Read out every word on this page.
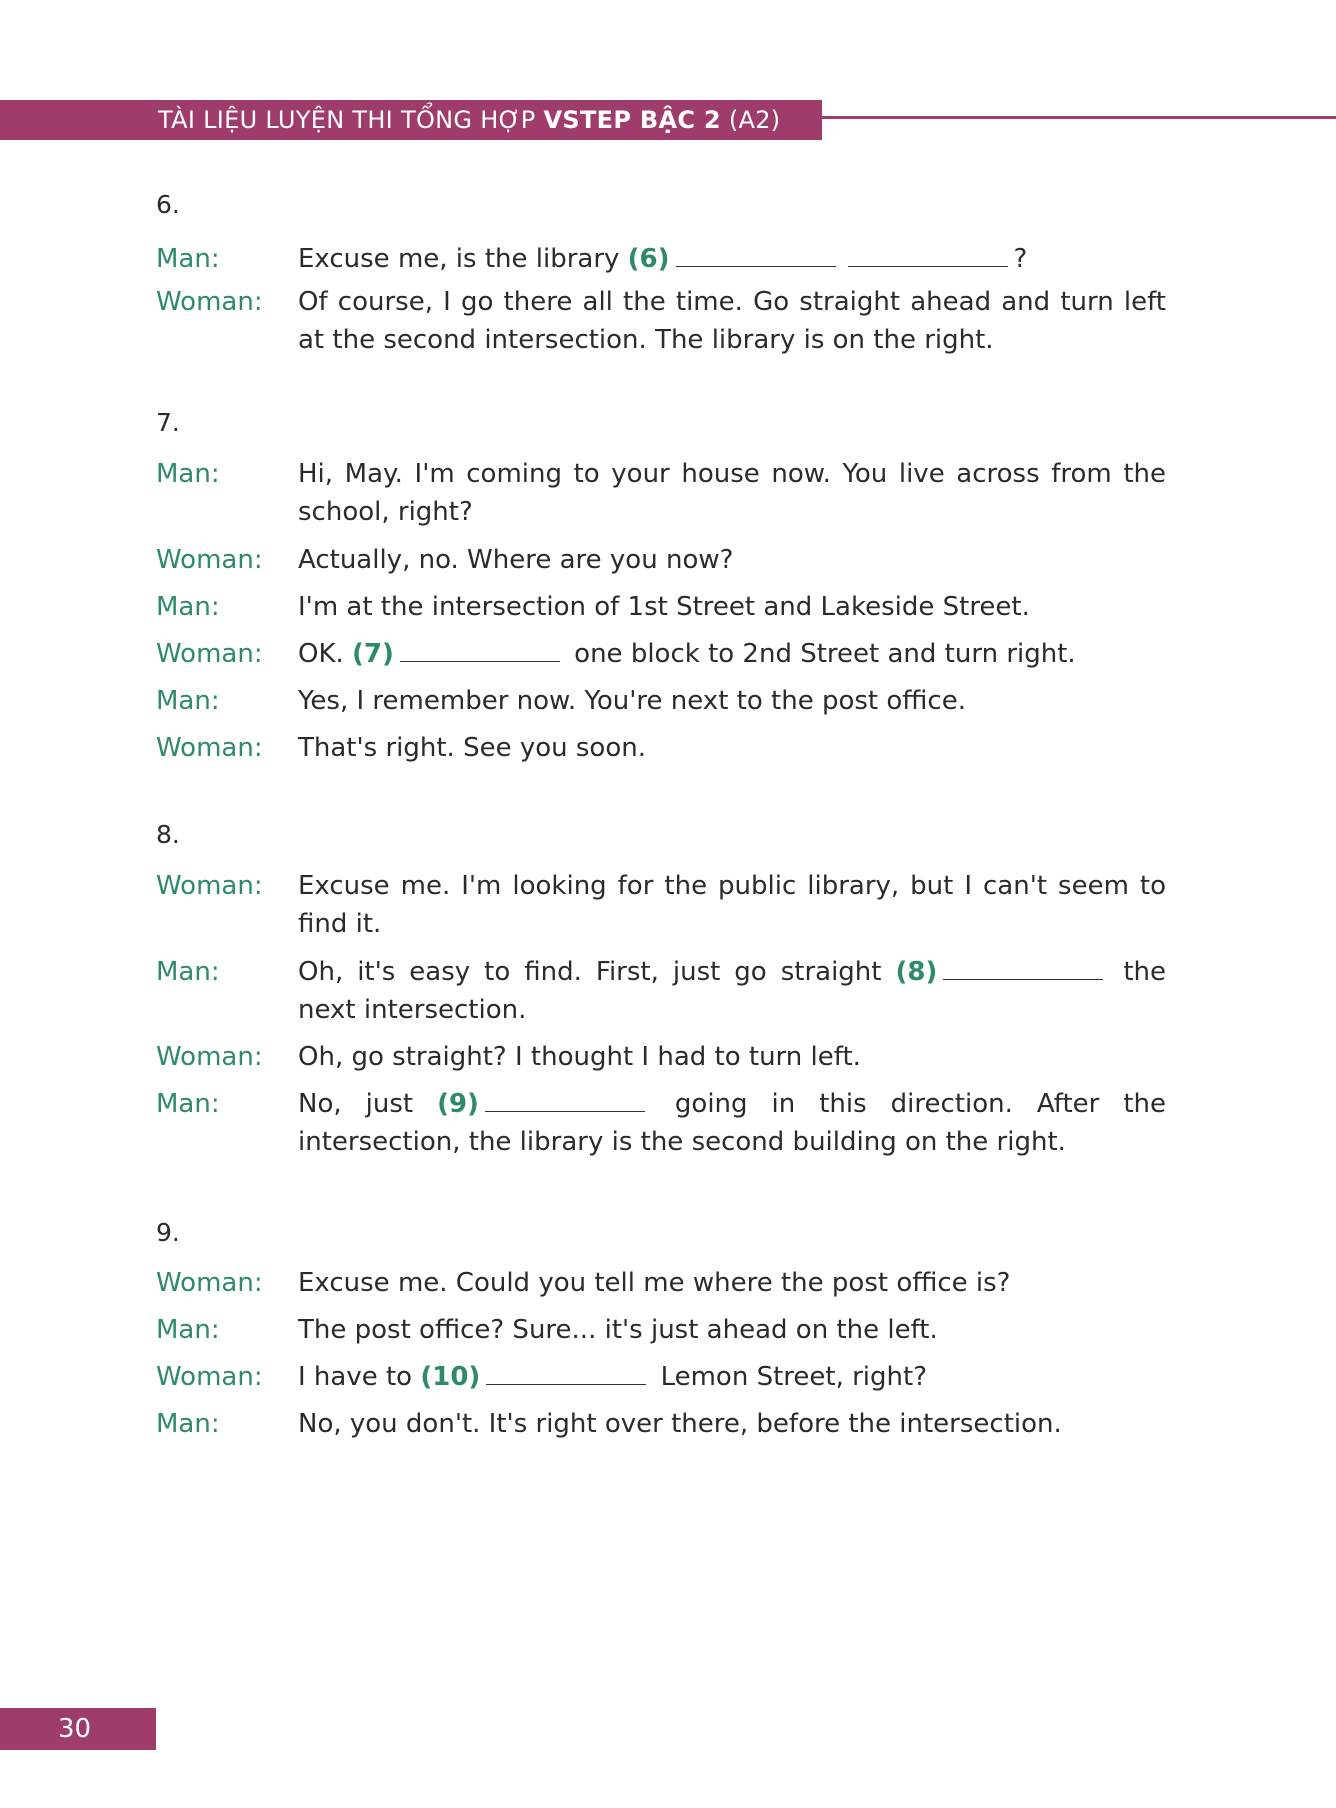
TÀI LIỆU LUYỆN THI TỔNG HỢP VSTEP BẬC 2 (A2)
6.
Man:	Excuse me, is the library (6)	?
Woman: Of course, I go there all the time. Go straight ahead and turn left at the second intersection. The library is on the right.
7.
Man:	Hi, May. I'm coming to your house now. You live across from the school, right?
Woman: Actually, no. Where are you now?
Man:	I'm at the intersection of 1st Street and Lakeside Street.
Woman: OK. (7)	one block to 2nd Street and turn right.
Man:	Yes, I remember now. You're next to the post office.
Woman: That's right. See you soon.
8.
Woman: Excuse me. I'm looking for the public library, but I can't seem to find it.
Man:	Oh, it's easy to find. First, just go straight (8)	the next intersection.
Woman: Oh, go straight? I thought I had to turn left.
Man:	No, just (9)	going in this direction. After the intersection, the library is the second building on the right.
9.
Woman: Excuse me. Could you tell me where the post office is?
Man:	The post office? Sure... it's just ahead on the left.
Woman: I have to (10)	Lemon Street, right?
Man:	No, you don't. It's right over there, before the intersection.
30
